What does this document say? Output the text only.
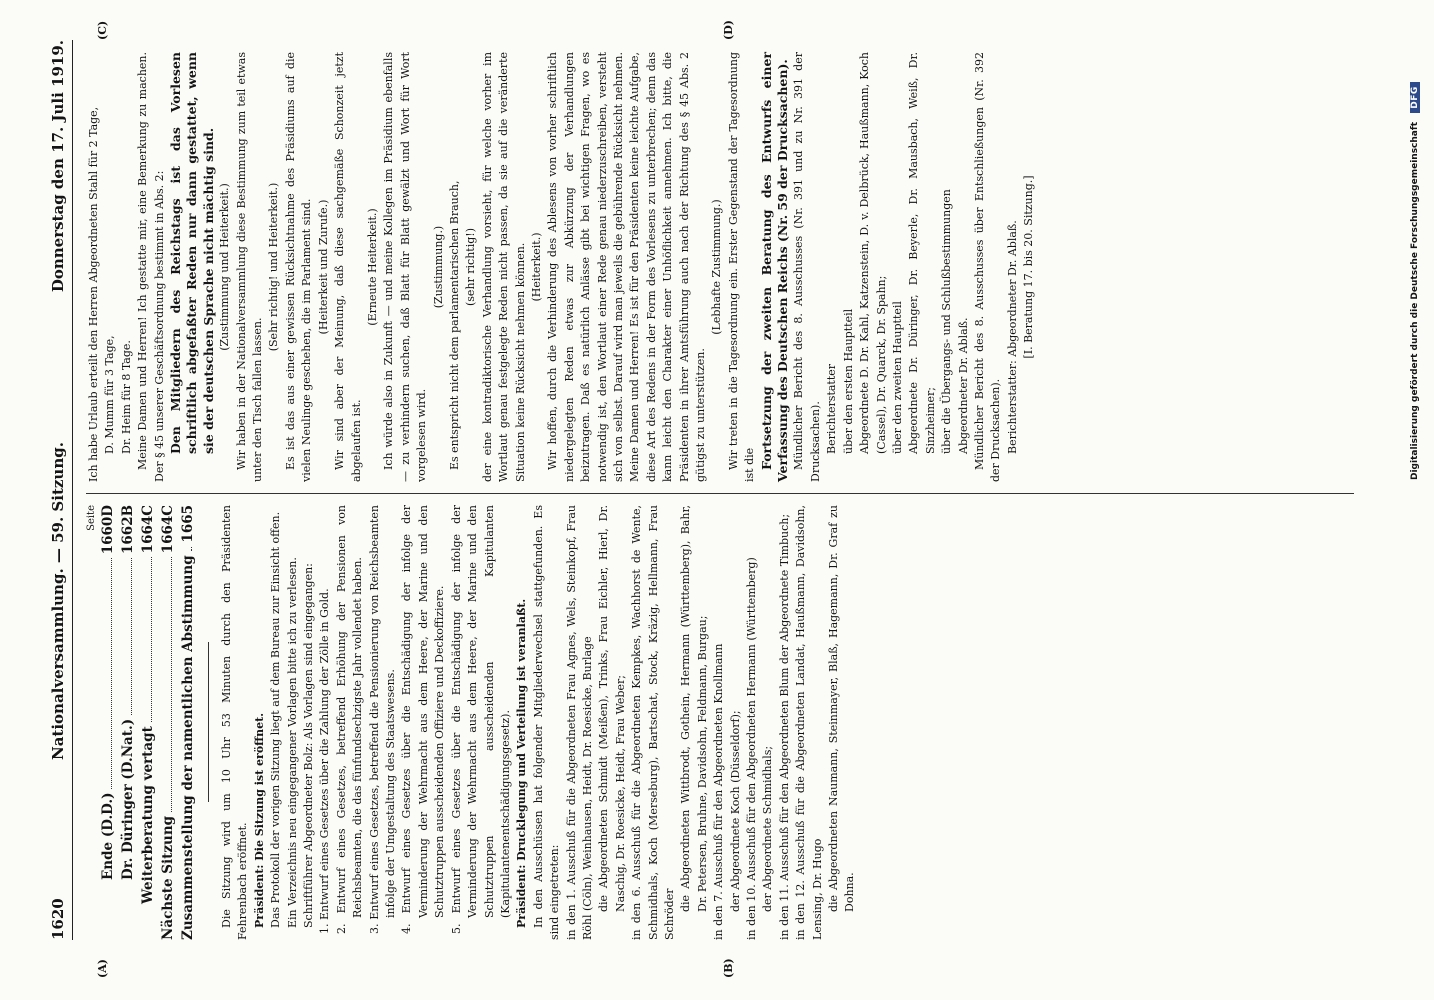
1620
Nationalversammlung. — 59. Sitzung.
Donnerstag den 17. Juli 1919.
(A)	(B)
(C)	(D)
Seite
Ende (D.D.)
1660D
Dr. Düringer (D.Nat.)
1662B
Weiterberatung vertagt
1664C
Nächste Sitzung
1664C
Zusammenstellung der namentlichen Abstimmung
1665 Die Sitzung wird um 10 Uhr 53 Minuten durch den Präsidenten Fehrenbach eröffnet. Präsident: Die Sitzung ist eröffnet. Das Protokoll der vorigen Sitzung liegt auf dem Bureau zur Einsicht offen. Ein Verzeichnis neu eingegangener Vorlagen bitte ich zu verlesen. Schriftführer Abgeordneter Bolz: Als Vorlagen sind eingegangen: 1. Entwurf eines Gesetzes über die Zahlung der Zölle in Gold. 2. Entwurf eines Gesetzes, betreffend Erhöhung der Pensionen von Reichsbeamten, die das fünfundsechzigste Jahr vollendet haben. 3. Entwurf eines Gesetzes, betreffend die Pensionierung von Reichsbeamten infolge der Umgestaltung des Staatswesens. 4. Entwurf eines Gesetzes über die Entschädigung der infolge der Verminderung der Wehrmacht aus dem Heere, der Marine und den Schutztruppen ausscheidenden Offiziere und Deckoffiziere. 5. Entwurf eines Gesetzes über die Entschädigung der infolge der Verminderung der Wehrmacht aus dem Heere, der Marine und den Schutztruppen ausscheidenden Kapitulanten (Kapitulantenentschädigungsgesetz). Präsident: Drucklegung und Verteilung ist veranlaßt. In den Ausschüssen hat folgender Mitgliederwechsel stattgefunden. Es sind eingetreten: in den 1. Ausschuß für die Abgeordneten Frau Agnes, Wels, Steinkopf, Frau Röhl (Cöln), Weinhausen, Heidt, Dr. Roesicke, Burlage die Abgeordneten Schmidt (Meißen), Trinks, Frau Eichler, Hierl, Dr. Naschig, Dr. Roesicke, Heidt, Frau Weber; in den 6. Ausschuß für die Abgeordneten Kempkes, Wachhorst de Wente, Schmidhals, Koch (Merseburg), Bartschat, Stock, Kräzig, Hellmann, Frau Schröder

die Abgeordneten Wittbrodt, Gothein, Hermann (Württemberg), Bahr, Dr. Petersen, Bruhne, Davidsohn, Feldmann, Burgau; in den 7. Ausschuß für den Abgeordneten Knollmann der Abgeordnete Koch (Düsseldorf); in den 10. Ausschuß für den Abgeordneten Hermann (Württemberg) der Abgeordnete Schmidhals; in den 11. Ausschuß für den Abgeordneten Blum der Abgeordnete Timbuch; in den 12. Ausschuß für die Abgeordneten Landat, Haußmann, Davidsohn, Lensing, Dr. Hugo die Abgeordneten Naumann, Steinmayer, Blaß, Hagemann, Dr. Graf zu Dohna.

Ich habe Urlaub erteilt den Herren Abgeordneten Stahl für 2 Tage, D. Mumm für 3 Tage, Dr. Heim für 8 Tage. Meine Damen und Herren! Ich gestatte mir, eine Bemerkung zu machen. Der § 45 unserer Geschäftsordnung bestimmt in Abs. 2: Den Mitgliedern des Reichstags ist das Vorlesen schriftlich abgefaßter Reden nur dann gestattet, wenn sie der deutschen Sprache nicht mächtig sind. (Zustimmung und Heiterkeit.) Wir haben in der Nationalversammlung diese Bestimmung zum teil etwas unter den Tisch fallen lassen.

(Sehr richtig! und Heiterkeit.) Es ist das aus einer gewissen Rücksichtnahme des Präsidiums auf die vielen Neulinge geschehen, die im Parlament sind. (Heiterkeit und Zurufe.) Wir sind aber der Meinung, daß diese sachgemäße Schonzeit jetzt abgelaufen ist.

(Erneute Heiterkeit.) Ich würde also in Zukunft — und meine Kollegen im Präsidium ebenfalls — zu verhindern suchen, daß Blatt für Blatt gewälzt und Wort für Wort vorgelesen wird.

(Zustimmung.) Es entspricht nicht dem parlamentarischen Brauch, (sehr richtig!) der eine kontradiktorische Verhandlung vorsieht, für welche vorher im Wortlaut genau festgelegte Reden nicht passen, da sie auf die veränderte Situation keine Rücksicht nehmen können. (Heiterkeit.) Wir hoffen, durch die Verhinderung des Ablesens von vorher schriftlich niedergelegten Reden etwas zur Abkürzung der Verhandlungen beizutragen. Daß es natürlich Anlässe gibt bei wichtigen Fragen, wo es notwendig ist, den Wortlaut einer Rede genau niederzuschreiben, versteht sich von selbst. Darauf wird man jeweils die gebührende Rücksicht nehmen. Meine Damen und Herren! Es ist für den Präsidenten keine leichte Aufgabe, diese Art des Redens in der Form des Vorlesens zu unterbrechen; denn das kann leicht den Charakter einer Unhöflichkeit annehmen. Ich bitte, die Präsidenten in ihrer Amtsführung auch nach der Richtung des § 45 Abs. 2 gütigst zu unterstützen.

(Lebhafte Zustimmung.) Wir treten in die Tagesordnung ein. Erster Gegenstand der Tagesordnung ist die Fortsetzung der zweiten Beratung des Entwurfs einer Verfassung des Deutschen Reichs (Nr. 59 der Drucksachen). Mündlicher Bericht des 8. Ausschusses (Nr. 391 und zu Nr. 391 der Drucksachen). Berichterstatter über den ersten Hauptteil Abgeordnete D. Dr. Kahl, Katzenstein, D. v. Delbrück, Haußmann, Koch (Cassel), Dr. Quarck, Dr. Spahn; über den zweiten Hauptteil Abgeordnete Dr. Düringer, Dr. Beyerle, Dr. Mausbach, Weiß, Dr. Sinzheimer; über die Übergangs- und Schlußbestimmungen Abgeordneter Dr. Ablaß. Mündlicher Bericht des 8. Ausschusses über Entschließungen (Nr. 392 der Drucksachen). Berichterstatter: Abgeordneter Dr. Ablaß. [I. Beratung 17. bis 20. Sitzung.]	Digitalisierung gefördert durch die Deutsche Forschungsgemeinschaft DFG
